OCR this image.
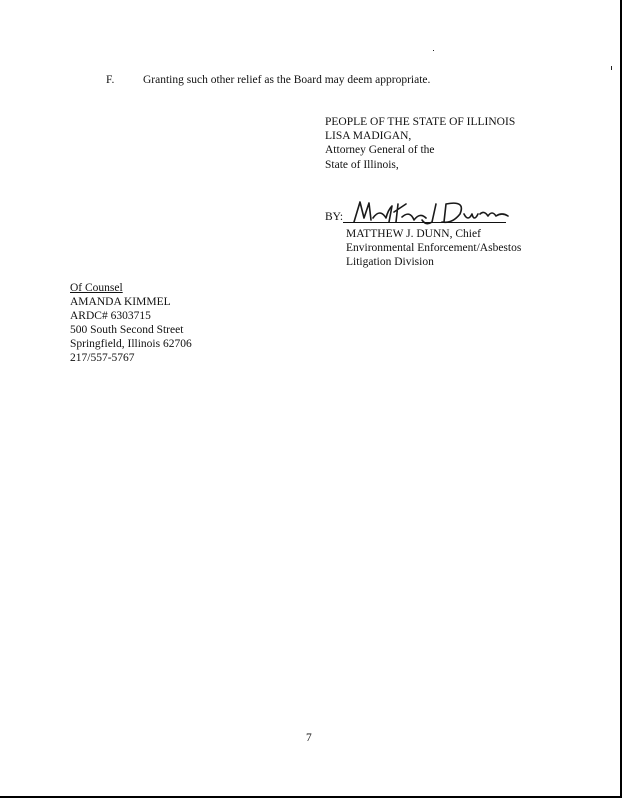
F. Granting such other relief as the Board may deem appropriate.
PEOPLE OF THE STATE OF ILLINOIS
LISA MADIGAN,
Attorney General of the
State of Illinois,
BY:
MATTHEW J. DUNN, Chief
Environmental Enforcement/Asbestos
Litigation Division
Of Counsel
AMANDA KIMMEL
ARDC# 6303715
500 South Second Street
Springfield, Illinois 62706
217/557-5767
7
